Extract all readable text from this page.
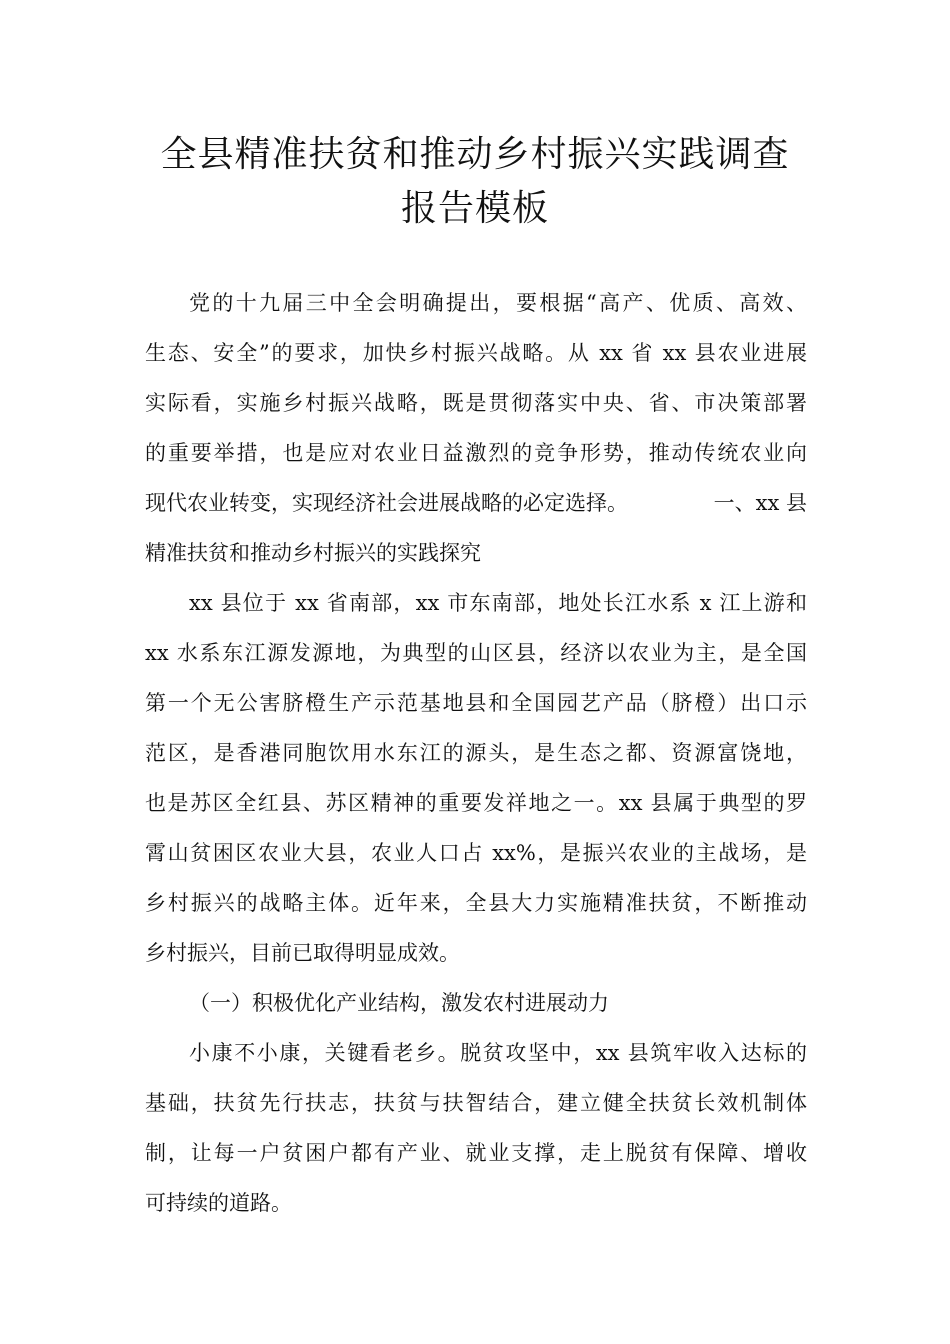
全县精准扶贫和推动乡村振兴实践调查
报告模板
党的十九届三中全会明确提出，要根据“高产、优质、高效、
生态、安全”的要求，加快乡村振兴战略。从 xx 省 xx 县农业进展
实际看，实施乡村振兴战略，既是贯彻落实中央、省、市决策部署
的重要举措，也是应对农业日益激烈的竞争形势，推动传统农业向
现代农业转变，实现经济社会进展战略的必定选择。	一、xx 县
精准扶贫和推动乡村振兴的实践探究
xx 县位于 xx 省南部，xx 市东南部，地处长江水系 x 江上游和
xx 水系东江源发源地，为典型的山区县，经济以农业为主，是全国
第一个无公害脐橙生产示范基地县和全国园艺产品（脐橙）出口示
范区，是香港同胞饮用水东江的源头，是生态之都、资源富饶地，
也是苏区全红县、苏区精神的重要发祥地之一。xx 县属于典型的罗
霄山贫困区农业大县，农业人口占 xx%，是振兴农业的主战场，是
乡村振兴的战略主体。近年来，全县大力实施精准扶贫，不断推动
乡村振兴，目前已取得明显成效。
（一）积极优化产业结构，激发农村进展动力
小康不小康，关键看老乡。脱贫攻坚中，xx 县筑牢收入达标的
基础，扶贫先行扶志，扶贫与扶智结合，建立健全扶贫长效机制体
制，让每一户贫困户都有产业、就业支撑，走上脱贫有保障、增收
可持续的道路。
